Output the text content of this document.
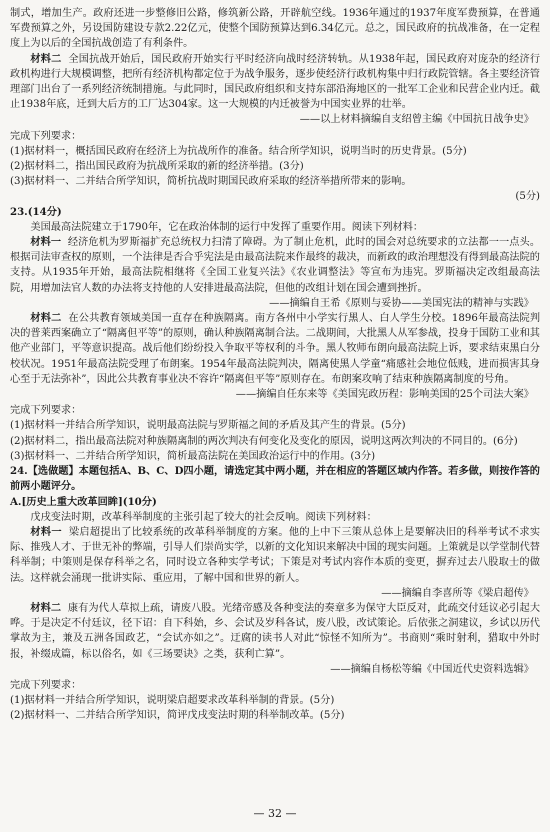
制式，增加生产。政府还进一步整修旧公路，修筑新公路，开辟航空线。1936年通过的1937年度军费预算，在普通军费预算之外，另设国防建设专款2.22亿元，使整个国防预算达到6.34亿元。总之，国民政府的抗战准备，在一定程度上为以后的全国抗战创造了有利条件。

材料二 全国抗战开始后，国民政府开始实行平时经济向战时经济转轨。从1938年起，国民政府对庞杂的经济行政机构进行大规模调整，把所有经济机构都定位于为战争服务，逐步使经济行政机构集中归行政院管辖。各主要经济管理部门出台了一系列经济统制措施。与此同时，国民政府组织和支持东部沿海地区的一批军工企业和民营企业内迁。截止1938年底，迁到大后方的工厂达304家。这一大规模的内迁被誉为中国实业界的壮举。

——以上材料摘编自支绍曾主编《中国抗日战争史》

完成下列要求：

(1)据材料一，概括国民政府在经济上为抗战所作的准备。结合所学知识，说明当时的历史背景。(5分)

(2)据材料二，指出国民政府为抗战所采取的新的经济举措。(3分)

(3)据材料一、二并结合所学知识，简析抗战时期国民政府采取的经济举措所带来的影响。

(5分)

23.(14分)

美国最高法院建立于1790年，它在政治体制的运行中发挥了重要作用。阅读下列材料：

材料一 经济危机为罗斯福扩充总统权力扫清了障碍。为了制止危机，此时的国会对总统要求的立法都一一点头。根据司法审查权的原则，一个法律是否合乎宪法是由最高法院来作最终的裁决，而新政的政治理想没有得到最高法院的支持。从1935年开始，最高法院相继将《全国工业复兴法》《农业调整法》等宣布为违宪。罗斯福决定改组最高法院，用增加法官人数的办法将支持他的人安排进最高法院，但他的改组计划在国会遭到挫折。

——摘编自王希《原则与妥协——美国宪法的精神与实践》

材料二 在公共教育领域美国一直存在种族隔离。南方各州中小学实行黑人、白人学生分校。1896年最高法院判决的普莱西案确立了“隔离但平等”的原则，确认种族隔离制合法。二战期间，大批黑人从军参战，投身于国防工业和其他产业部门，平等意识提高。战后他们纷纷投入争取平等权利的斗争。黑人牧师布朗向最高法院上诉，要求结束黑白分校状况。1951年最高法院受理了布朗案。1954年最高法院判决，隔离使黑人学童“痛感社会地位低贱，进而损害其身心至于无法弥补”，因此公共教育事业决不容许“隔离但平等”原则存在。布朗案攻响了结束种族隔离制度的号角。

——摘编自任东来等《美国宪政历程：影响美国的25个司法大案》

完成下列要求：

(1)据材料一并结合所学知识，说明最高法院与罗斯福之间的矛盾及其产生的背景。(5分)

(2)据材料二，指出最高法院对种族隔离制的两次判决有何变化及变化的原因，说明这两次判决的不同目的。(6分)

(3)据材料一、二并结合所学知识，简析最高法院在美国政治运行中的作用。(3分)

24.【选做题】本题包括A、B、C、D四小题，请选定其中两小题，并在相应的答题区域内作答。若多做，则按作答的前两小题评分。

A.[历史上重大改革回眸](10分)

戊戌变法时期，改革科举制度的主张引起了较大的社会反响。阅读下列材料：

材料一 梁启超提出了比较系统的改革科举制度的方案。他的上中下三策从总体上是要解决旧的科举考试不求实际、推残人才、于世无补的弊端，引导人们崇尚实学，以新的文化知识来解决中国的现实问题。上策就是以学堂制代替科举制；中策则是保存科举之名，同时设立各种实学考试；下策是对考试内容作本质的变更，摒弃过去八股取士的做法。这样就会涌现一批讲实际、重应用，了解中国和世界的新人。

——摘编自李喜所等《梁启超传》

材料二 康有为代人草拟上疏，请废八股。光绪帝感及各种变法的奏章多为保守大臣反对，此疏交付廷议必引起大哗。于是决定不付廷议，径下诏：自下科始，乡、会试及岁科各试，废八股，改试策论。后依张之洞建议，乡试以历代掌故为主，兼及五洲各国政艺，“会试亦如之”。迂腐的读书人对此“惊怪不知所为”。书商则“乘时射利，猎取中外时报，补缀成篇，标以俗名，如《三场要诀》之类，获利亡算”。

——摘编自杨松等编《中国近代史资料选辑》

完成下列要求：

(1)据材料一并结合所学知识，说明梁启超要求改革科举制的背景。(5分)

(2)据材料一、二并结合所学知识，简评戊戌变法时期的科举制改革。(5分)

— 32 —
